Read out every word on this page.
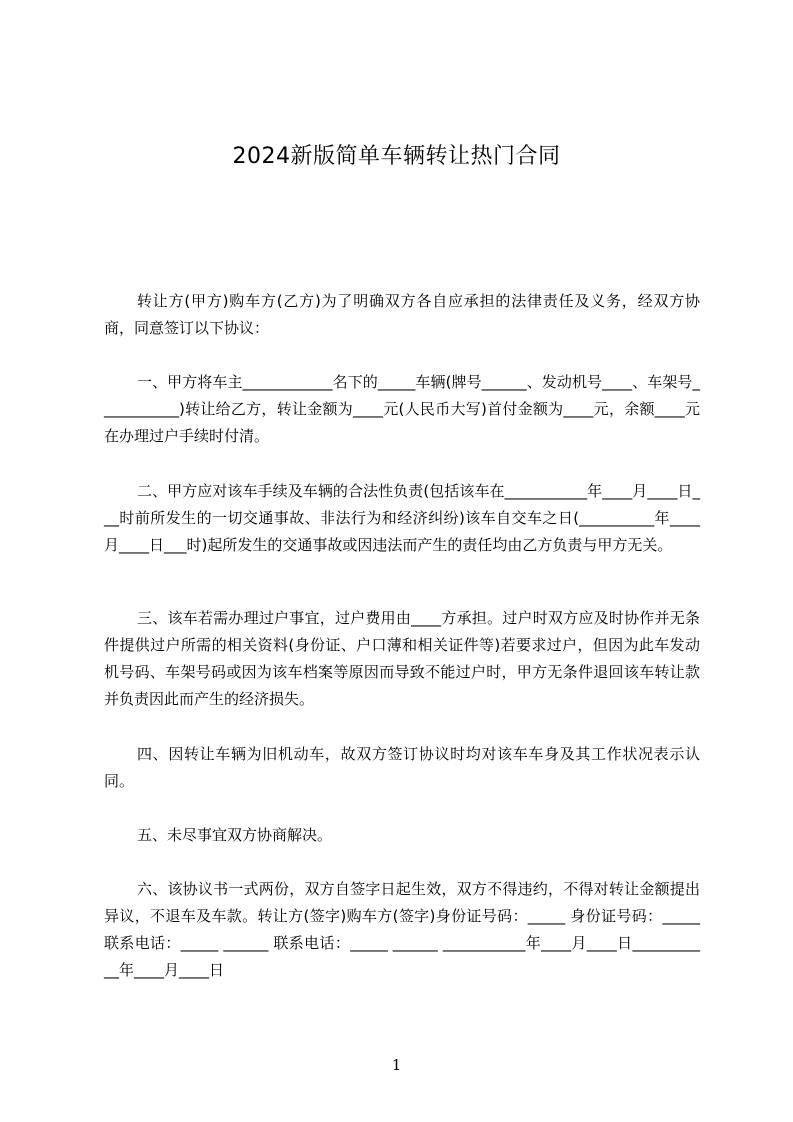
2024新版简单车辆转让热门合同

转让方(甲方)购车方(乙方)为了明确双方各自应承担的法律责任及义务，经双方协商，同意签订以下协议：

一、甲方将车主____________名下的_____车辆(牌号______、发动机号____、车架号___________)转让给乙方，转让金额为____元(人民币大写)首付金额为____元，余额____元在办理过户手续时付清。

二、甲方应对该车手续及车辆的合法性负责(包括该车在___________年____月____日___时前所发生的一切交通事故、非法行为和经济纠纷)该车自交车之日(__________年____月____日___时)起所发生的交通事故或因违法而产生的责任均由乙方负责与甲方无关。

三、该车若需办理过户事宜，过户费用由____方承担。过户时双方应及时协作并无条件提供过户所需的相关资料(身份证、户口薄和相关证件等)若要求过户，但因为此车发动机号码、车架号码或因为该车档案等原因而导致不能过户时，甲方无条件退回该车转让款并负责因此而产生的经济损失。

四、因转让车辆为旧机动车，故双方签订协议时均对该车车身及其工作状况表示认同。

五、未尽事宜双方协商解决。

六、该协议书一式两份，双方自签字日起生效，双方不得违约，不得对转让金额提出异议，不退车及车款。转让方(签字)购车方(签字)身份证号码：_____ 身份证号码：_____ 联系电话：_____ ______ 联系电话：_____ ______ ___________年____月____日___________年____月____日

1
